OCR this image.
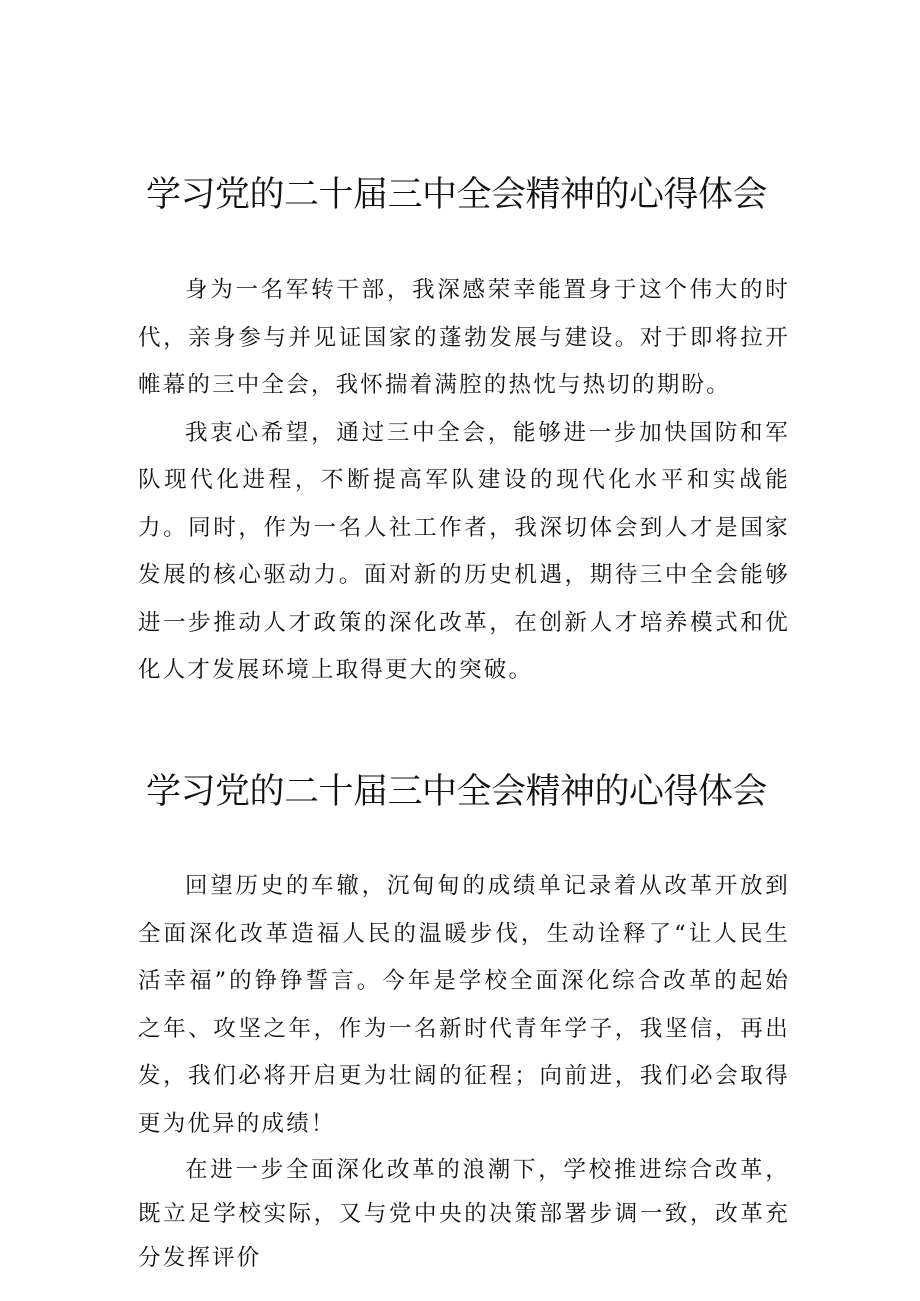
学习党的二十届三中全会精神的心得体会

身为一名军转干部，我深感荣幸能置身于这个伟大的时代，亲身参与并见证国家的蓬勃发展与建设。对于即将拉开帷幕的三中全会，我怀揣着满腔的热忱与热切的期盼。

我衷心希望，通过三中全会，能够进一步加快国防和军队现代化进程，不断提高军队建设的现代化水平和实战能力。同时，作为一名人社工作者，我深切体会到人才是国家发展的核心驱动力。面对新的历史机遇，期待三中全会能够进一步推动人才政策的深化改革，在创新人才培养模式和优化人才发展环境上取得更大的突破。

学习党的二十届三中全会精神的心得体会

回望历史的车辙，沉甸甸的成绩单记录着从改革开放到全面深化改革造福人民的温暖步伐，生动诠释了“让人民生活幸福”的铮铮誓言。今年是学校全面深化综合改革的起始之年、攻坚之年，作为一名新时代青年学子，我坚信，再出发，我们必将开启更为壮阔的征程；向前进，我们必会取得更为优异的成绩！

在进一步全面深化改革的浪潮下，学校推进综合改革，既立足学校实际，又与党中央的决策部署步调一致，改革充分发挥评价
